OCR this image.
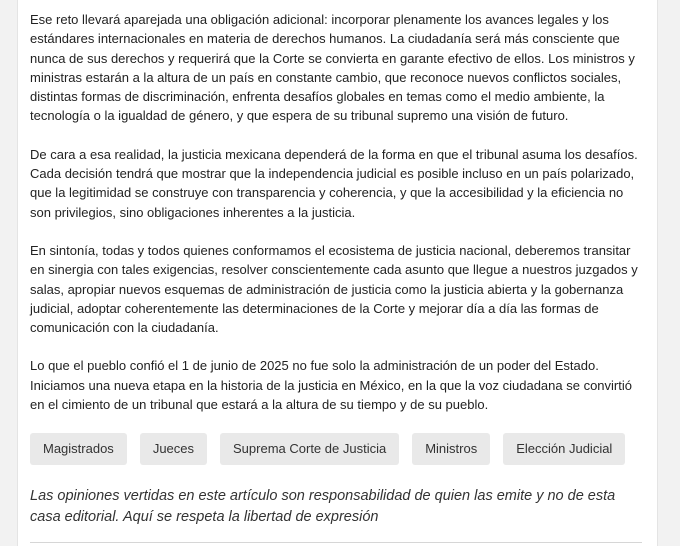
Ese reto llevará aparejada una obligación adicional: incorporar plenamente los avances legales y los estándares internacionales en materia de derechos humanos. La ciudadanía será más consciente que nunca de sus derechos y requerirá que la Corte se convierta en garante efectivo de ellos. Los ministros y ministras estarán a la altura de un país en constante cambio, que reconoce nuevos conflictos sociales, distintas formas de discriminación, enfrenta desafíos globales en temas como el medio ambiente, la tecnología o la igualdad de género, y que espera de su tribunal supremo una visión de futuro.

De cara a esa realidad, la justicia mexicana dependerá de la forma en que el tribunal asuma los desafíos. Cada decisión tendrá que mostrar que la independencia judicial es posible incluso en un país polarizado, que la legitimidad se construye con transparencia y coherencia, y que la accesibilidad y la eficiencia no son privilegios, sino obligaciones inherentes a la justicia.

En sintonía, todas y todos quienes conformamos el ecosistema de justicia nacional, deberemos transitar en sinergia con tales exigencias, resolver conscientemente cada asunto que llegue a nuestros juzgados y salas, apropiar nuevos esquemas de administración de justicia como la justicia abierta y la gobernanza judicial, adoptar coherentemente las determinaciones de la Corte y mejorar día a día las formas de comunicación con la ciudadanía.

Lo que el pueblo confió el 1 de junio de 2025 no fue solo la administración de un poder del Estado. Iniciamos una nueva etapa en la historia de la justicia en México, en la que la voz ciudadana se convirtió en el cimiento de un tribunal que estará a la altura de su tiempo y de su pueblo.

Magistrados	Jueces	Suprema Corte de Justicia	Ministros	Elección Judicial

Las opiniones vertidas en este artículo son responsabilidad de quien las emite y no de esta casa editorial. Aquí se respeta la libertad de expresión
